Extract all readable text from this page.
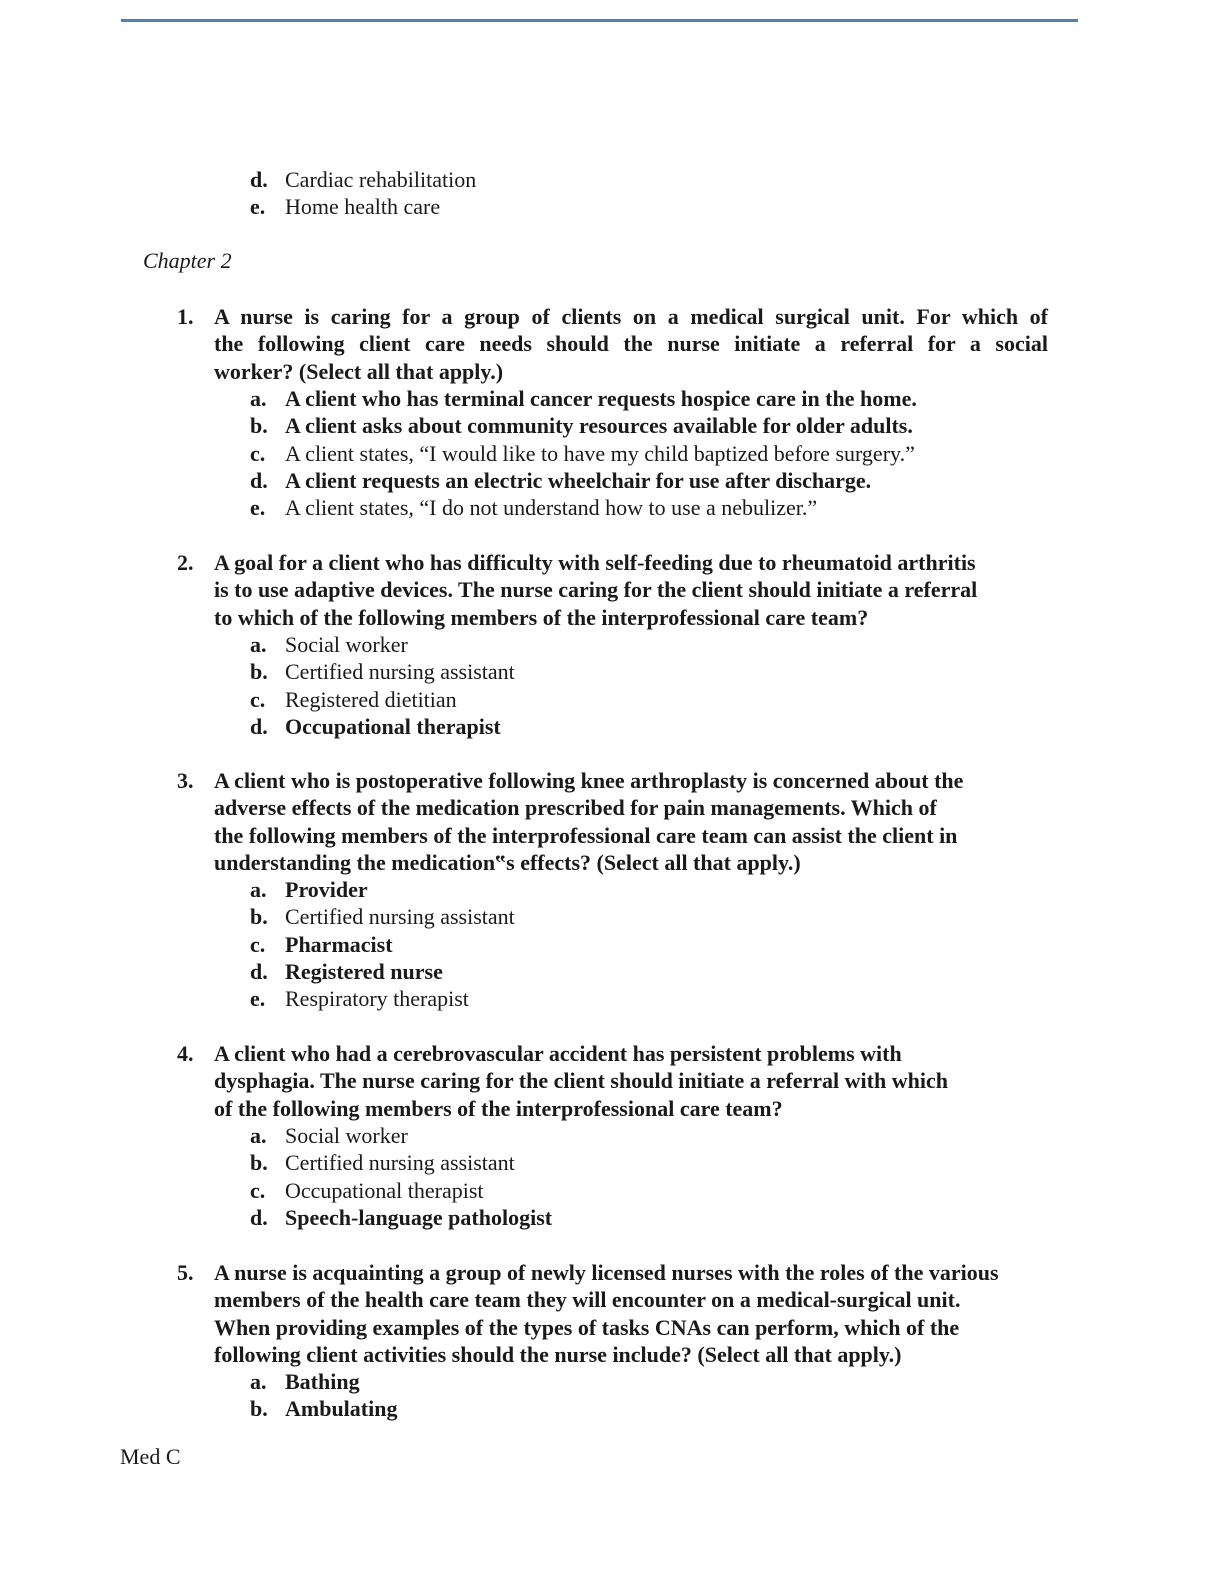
d. Cardiac rehabilitation
e. Home health care
Chapter 2
1. A nurse is caring for a group of clients on a medical surgical unit. For which of
the following client care needs should the nurse initiate a referral for a social
worker? (Select all that apply.)
a. A client who has terminal cancer requests hospice care in the home.
b. A client asks about community resources available for older adults.
c. A client states, “I would like to have my child baptized before surgery.”
d. A client requests an electric wheelchair for use after discharge.
e. A client states, “I do not understand how to use a nebulizer.”
2. A goal for a client who has difficulty with self-feeding due to rheumatoid arthritis
is to use adaptive devices. The nurse caring for the client should initiate a referral
to which of the following members of the interprofessional care team?
a. Social worker
b. Certified nursing assistant
c. Registered dietitian
d. Occupational therapist
3. A client who is postoperative following knee arthroplasty is concerned about the
adverse effects of the medication prescribed for pain managements. Which of
the following members of the interprofessional care team can assist the client in
understanding the medication‟s effects? (Select all that apply.)
a. Provider
b. Certified nursing assistant
c. Pharmacist
d. Registered nurse
e. Respiratory therapist
4. A client who had a cerebrovascular accident has persistent problems with
dysphagia. The nurse caring for the client should initiate a referral with which
of the following members of the interprofessional care team?
a. Social worker
b. Certified nursing assistant
c. Occupational therapist
d. Speech-language pathologist
5. A nurse is acquainting a group of newly licensed nurses with the roles of the various
members of the health care team they will encounter on a medical-surgical unit.
When providing examples of the types of tasks CNAs can perform, which of the
following client activities should the nurse include? (Select all that apply.)
a. Bathing
b. Ambulating
Med C
